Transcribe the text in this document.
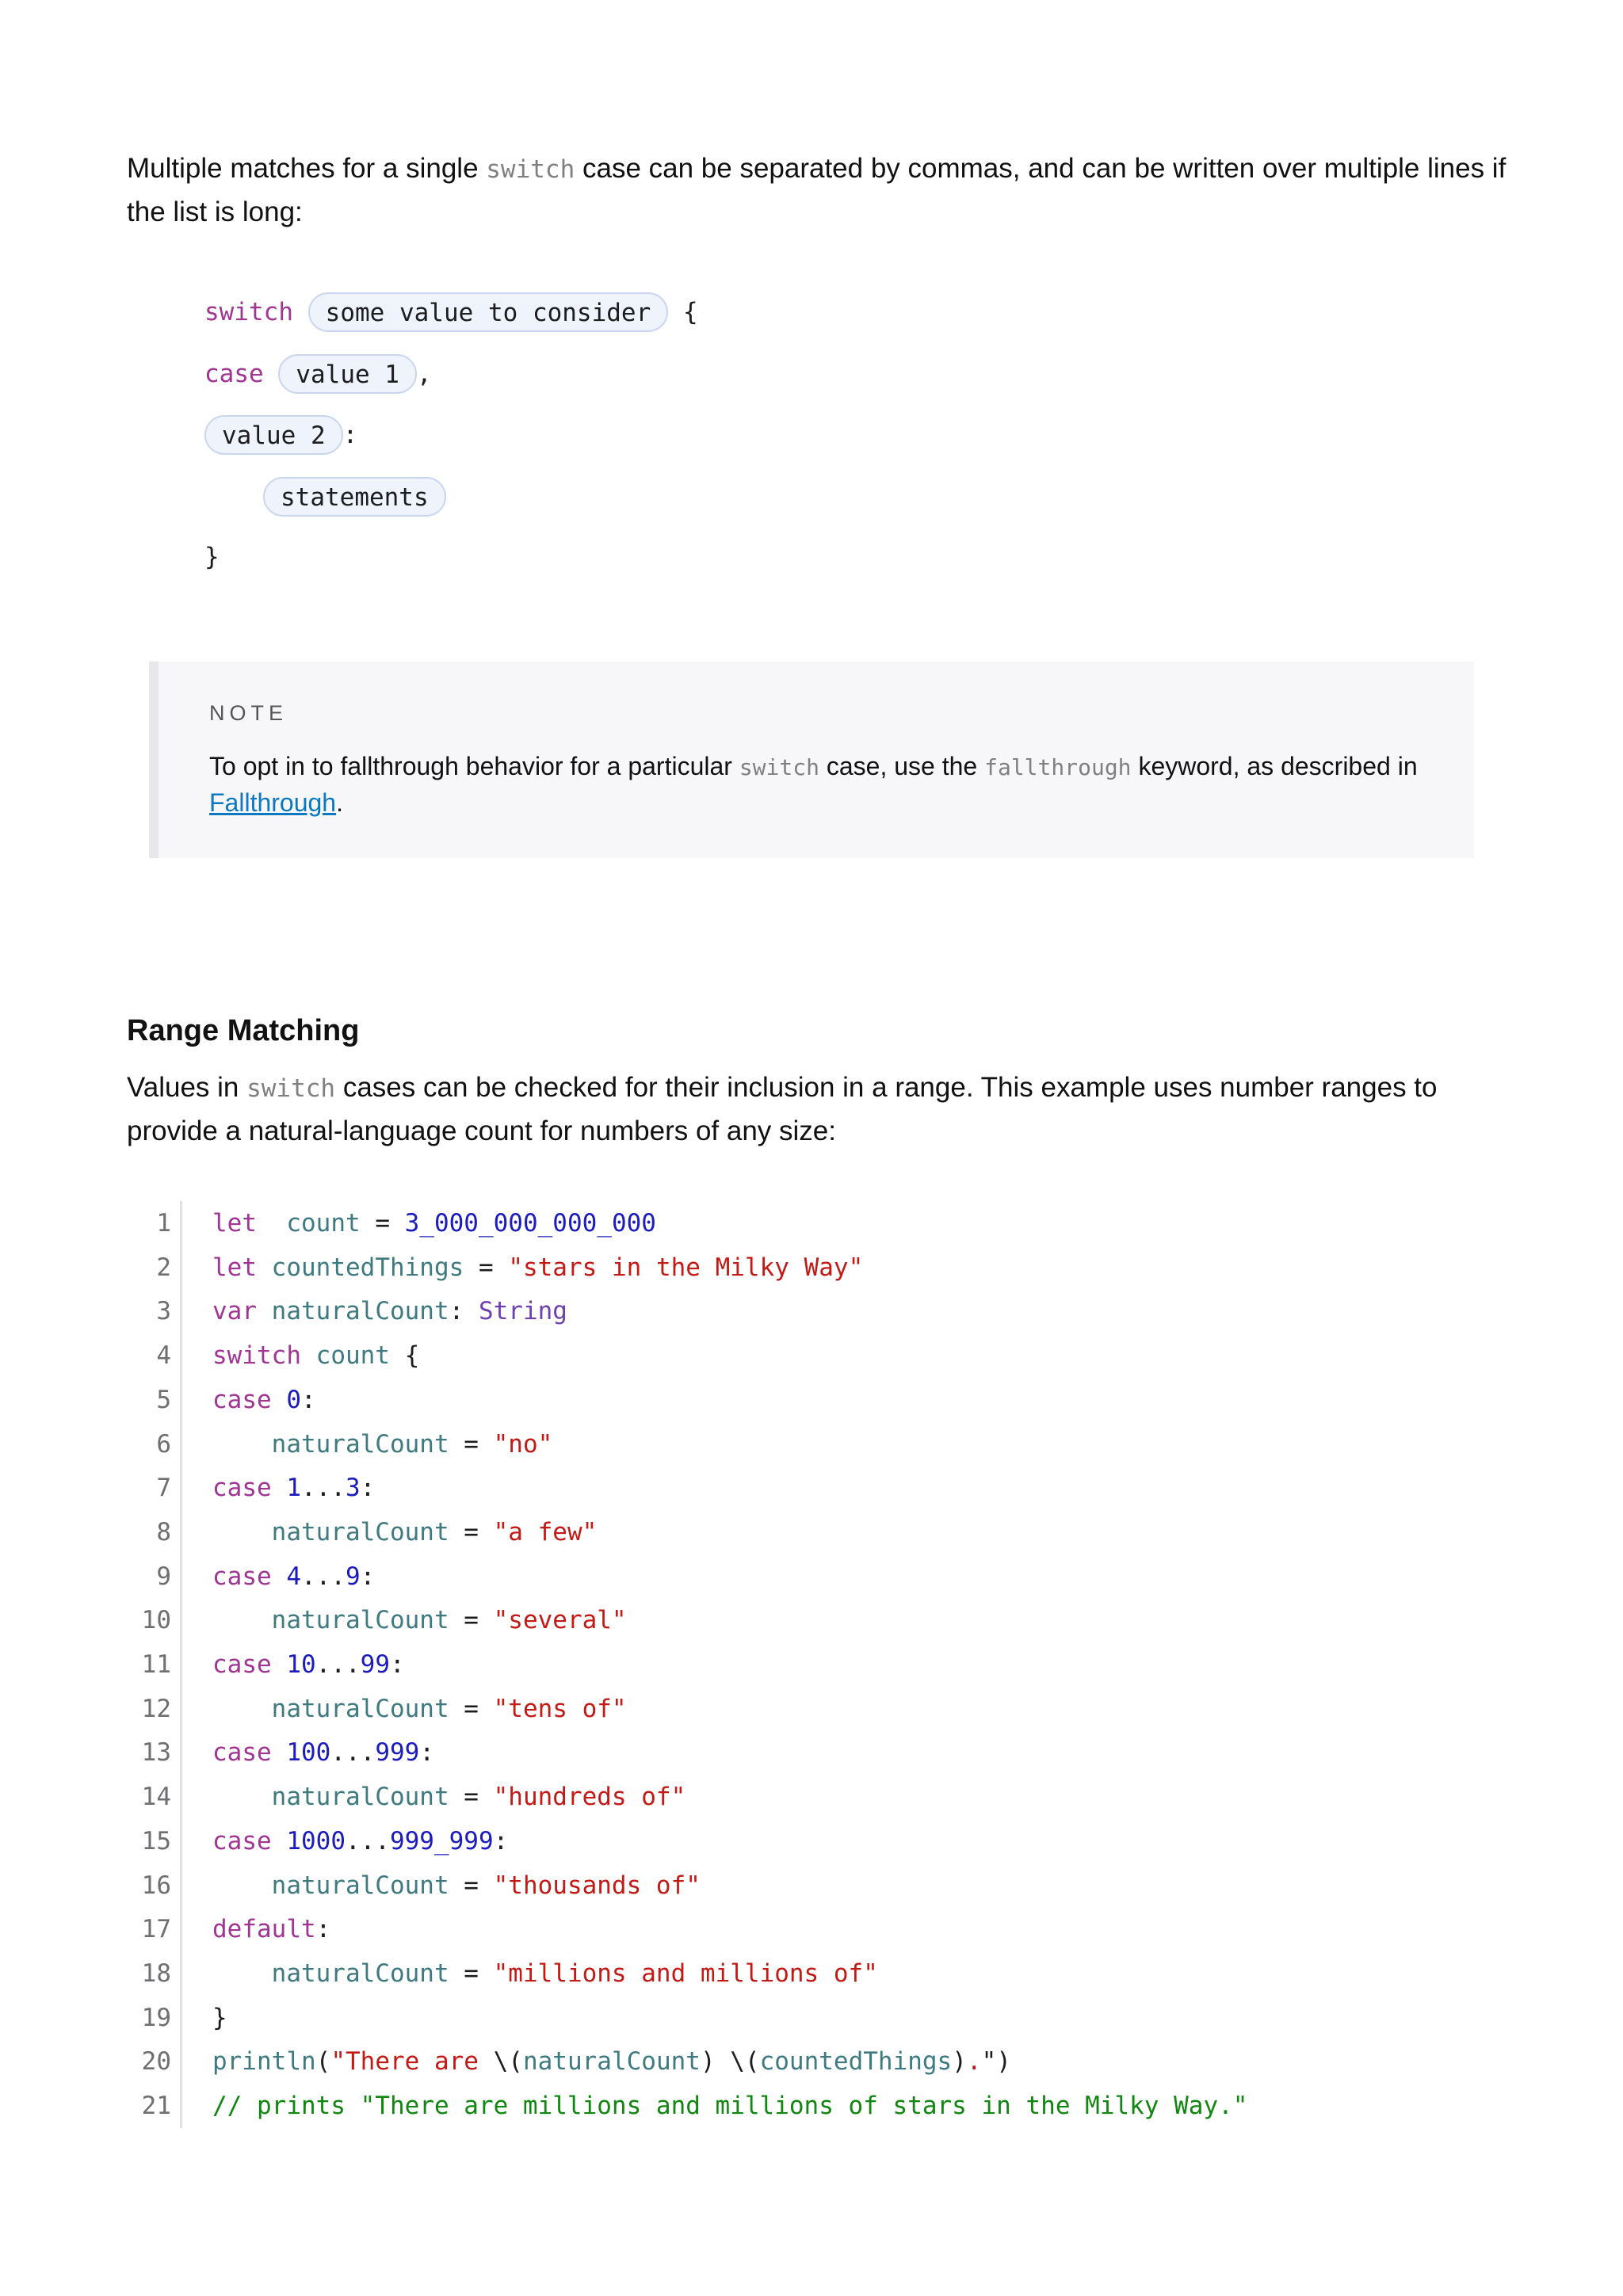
Multiple matches for a single switch case can be separated by commas, and can be written over multiple lines if the list is long:

switch
	some value to consider
	{
case
	value 1 ,
value 2 :
statements
}
NOTE
To opt in to fallthrough behavior for a particular switch case, use the fallthrough keyword, as described in Fallthrough.
Range Matching

Values in switch cases can be checked for their inclusion in a range. This example uses number ranges to provide a natural-language count for numbers of any size:

1 let count = 3_000_000_000_000
2 let countedThings = "stars in the Milky Way"
3 var naturalCount: String
4 switch count {
5 case 0:
6	naturalCount = "no"
7 case 1...3:
8	naturalCount = "a few"
9 case 4...9:
10	naturalCount = "several"
11 case 10...99:
12	naturalCount = "tens of"
13 case 100...999:
14	naturalCount = "hundreds of"
15 case 1000...999_999:
16	naturalCount = "thousands of"
17 default:
18	naturalCount = "millions and millions of"
19 }
20 println("There are \(naturalCount) \(countedThings).")
21 // prints "There are millions and millions of stars in the Milky Way."
